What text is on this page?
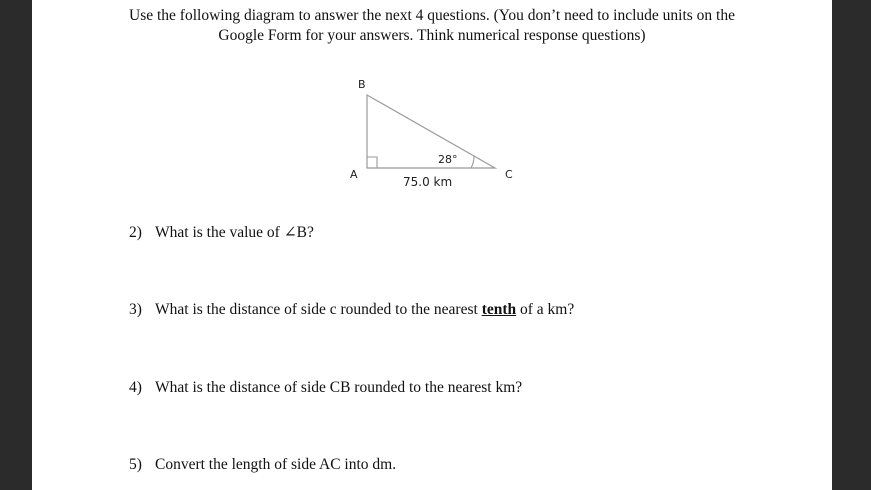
Use the following diagram to answer the next 4 questions. (You don’t need to include units on the
Google Form for your answers. Think numerical response questions)
B
A	C
28°
75.0 km
2) What is the value of ∠B?
3) What is the distance of side c rounded to the nearest tenth of a km?
4) What is the distance of side CB rounded to the nearest km?
5) Convert the length of side AC into dm.
